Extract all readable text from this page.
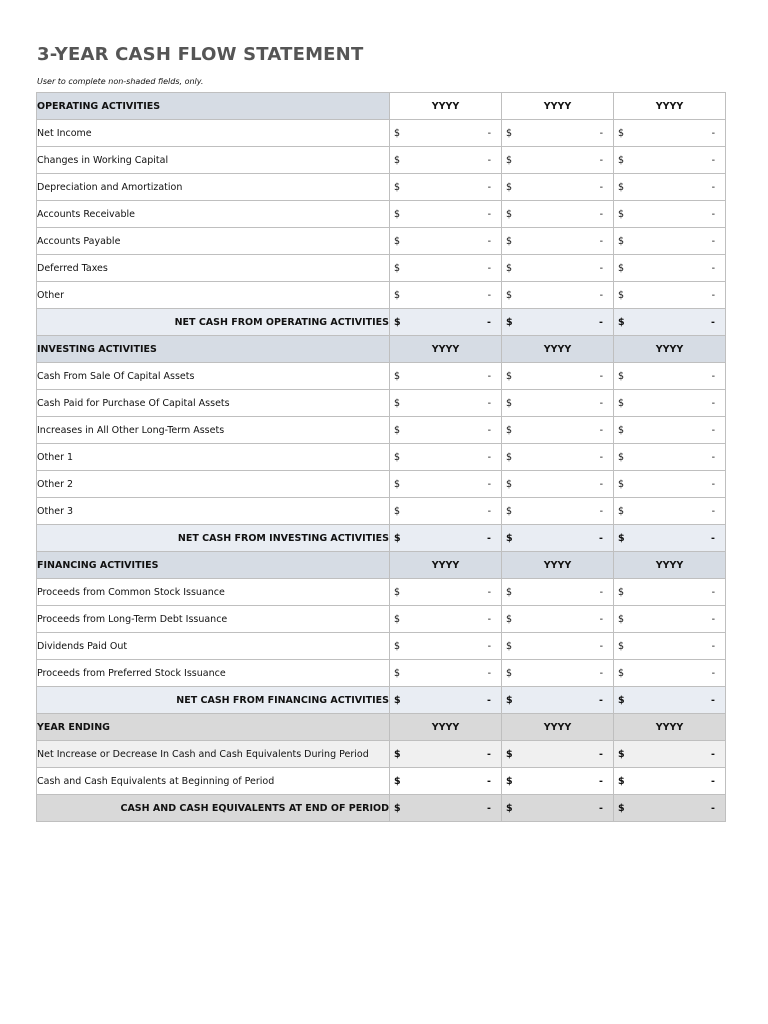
3-YEAR CASH FLOW STATEMENT
User to complete non-shaded fields, only.
OPERATING ACTIVITIES	YYYY	YYYY	YYYY
Net Income	$ -	$ -	$ -

Changes in Working Capital	$ -	$ -	$ -

Depreciation and Amortization	$ -	$ -	$ -

Accounts Receivable	$ -	$ -	$ -

Accounts Payable	$ -	$ -	$ -

Deferred Taxes	$ -	$ -	$ -

Other	$ -	$ -	$ -

NET CASH FROM OPERATING ACTIVITIES	$ -	$ -	$ -

INVESTING ACTIVITIES	YYYY	YYYY	YYYY
Cash From Sale Of Capital Assets	$ -	$ -	$ -

Cash Paid for Purchase Of Capital Assets	$ -	$ -	$ -

Increases in All Other Long-Term Assets	$ -	$ -	$ -

Other 1	$ -	$ -	$ -

Other 2	$ -	$ -	$ -

Other 3	$ -	$ -	$ -

NET CASH FROM INVESTING ACTIVITIES	$ -	$ -	$ -

FINANCING ACTIVITIES	YYYY	YYYY	YYYY
Proceeds from Common Stock Issuance	$ -	$ -	$ -

Proceeds from Long-Term Debt Issuance	$ -	$ -	$ -

Dividends Paid Out	$ -	$ -	$ -

Proceeds from Preferred Stock Issuance	$ -	$ -	$ -

NET CASH FROM FINANCING ACTIVITIES	$ -	$ -	$ -

YEAR ENDING	YYYY	YYYY	YYYY
Net Increase or Decrease In Cash and Cash Equivalents During Period	$ -	$ -	$ -

Cash and Cash Equivalents at Beginning of Period	$ -	$ -	$ -

CASH AND CASH EQUIVALENTS AT END OF PERIOD	$ -	$ -	$ -
